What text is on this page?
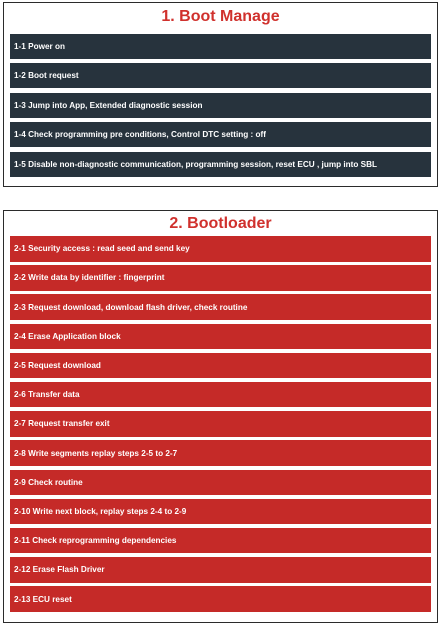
1. Boot Manage
1-1 Power on
1-2 Boot request
1-3 Jump into App, Extended diagnostic session
1-4 Check programming pre conditions, Control DTC setting : off
1-5 Disable non-diagnostic communication, programming session, reset ECU , jump into SBL
2. Bootloader
2-1 Security access : read seed and send key
2-2 Write data by identifier : fingerprint
2-3 Request download, download flash driver, check routine
2-4 Erase Application block
2-5 Request download
2-6 Transfer data
2-7 Request transfer exit
2-8 Write segments replay steps 2-5 to 2-7
2-9 Check routine
2-10 Write next block, replay steps 2-4 to 2-9
2-11 Check reprogramming dependencies
2-12 Erase Flash Driver
2-13 ECU reset
